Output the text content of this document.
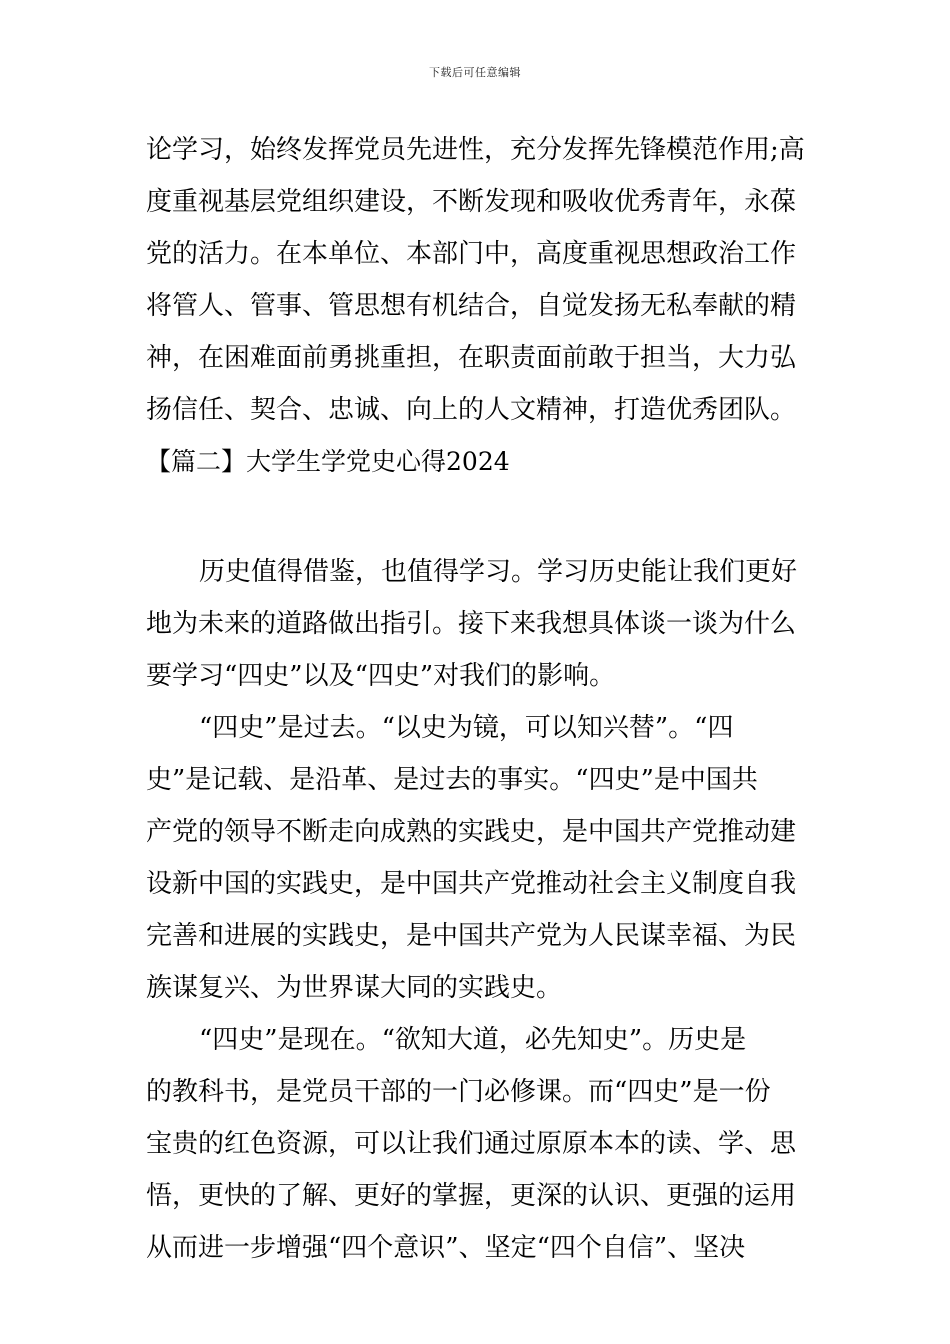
下载后可任意编辑
论学习，始终发挥党员先进性，充分发挥先锋模范作用;高
度重视基层党组织建设，不断发现和吸收优秀青年，永葆
党的活力。在本单位、本部门中，高度重视思想政治工作
将管人、管事、管思想有机结合，自觉发扬无私奉献的精
神，在困难面前勇挑重担，在职责面前敢于担当，大力弘
扬信任、契合、忠诚、向上的人文精神，打造优秀团队。
【篇二】大学生学党史心得2024
历史值得借鉴，也值得学习。学习历史能让我们更好
地为未来的道路做出指引。接下来我想具体谈一谈为什么
要学习“四史”以及“四史”对我们的影响。
“四史”是过去。“以史为镜，可以知兴替”。“四
史”是记载、是沿革、是过去的事实。“四史”是中国共
产党的领导不断走向成熟的实践史，是中国共产党推动建
设新中国的实践史，是中国共产党推动社会主义制度自我
完善和进展的实践史，是中国共产党为人民谋幸福、为民
族谋复兴、为世界谋大同的实践史。
“四史”是现在。“欲知大道，必先知史”。历史是
的教科书，是党员干部的一门必修课。而“四史”是一份
宝贵的红色资源，可以让我们通过原原本本的读、学、思
悟，更快的了解、更好的掌握，更深的认识、更强的运用
从而进一步增强“四个意识”、坚定“四个自信”、坚决
